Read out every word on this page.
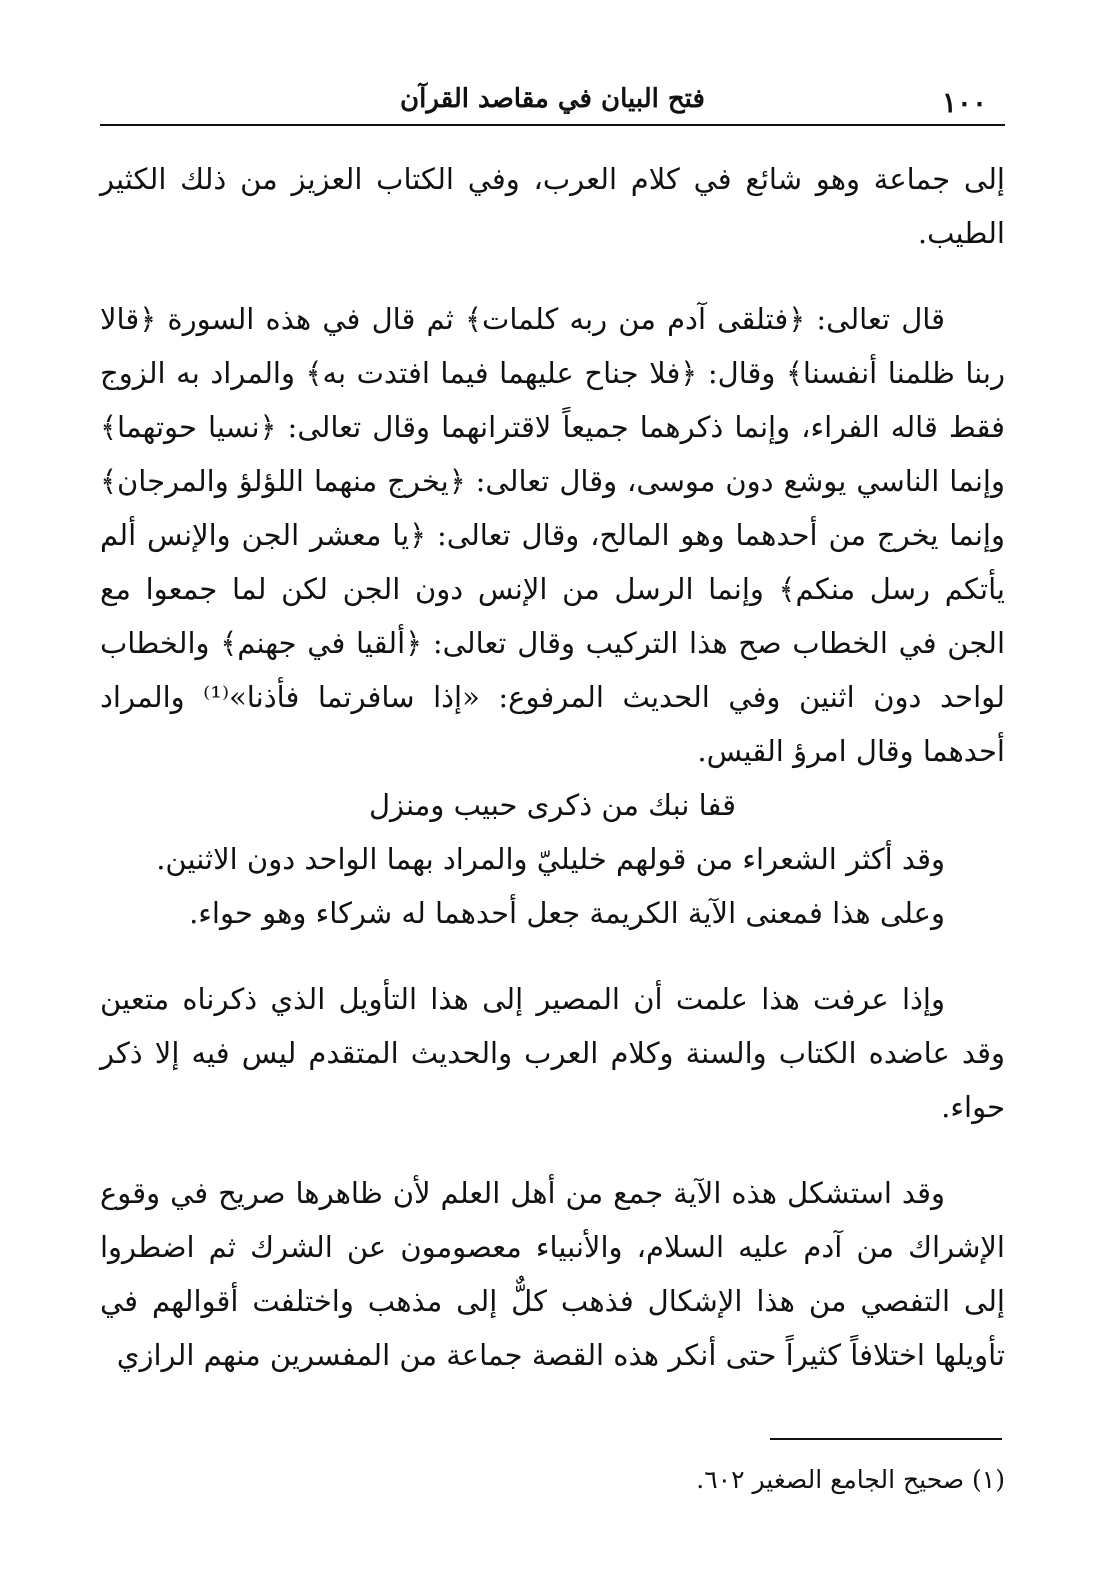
١٠٠
فتح البيان في مقاصد القرآن

إلى جماعة وهو شائع في كلام العرب، وفي الكتاب العزيز من ذلك الكثير الطيب.

قال تعالى: ﴿فتلقى آدم من ربه كلمات﴾ ثم قال في هذه السورة ﴿قالا ربنا ظلمنا أنفسنا﴾ وقال: ﴿فلا جناح عليهما فيما افتدت به﴾ والمراد به الزوج فقط قاله الفراء، وإنما ذكرهما جميعاً لاقترانهما وقال تعالى: ﴿نسيا حوتهما﴾ وإنما الناسي يوشع دون موسى، وقال تعالى: ﴿يخرج منهما اللؤلؤ والمرجان﴾ وإنما يخرج من أحدهما وهو المالح، وقال تعالى: ﴿يا معشر الجن والإنس ألم يأتكم رسل منكم﴾ وإنما الرسل من الإنس دون الجن لكن لما جمعوا مع الجن في الخطاب صح هذا التركيب وقال تعالى: ﴿ألقيا في جهنم﴾ والخطاب لواحد دون اثنين وفي الحديث المرفوع: «إذا سافرتما فأذنا»⁽¹⁾ والمراد أحدهما وقال امرؤ القيس.

قفا نبك من ذكرى حبيب ومنزل

وقد أكثر الشعراء من قولهم خليليّ والمراد بهما الواحد دون الاثنين.

وعلى هذا فمعنى الآية الكريمة جعل أحدهما له شركاء وهو حواء.

وإذا عرفت هذا علمت أن المصير إلى هذا التأويل الذي ذكرناه متعين وقد عاضده الكتاب والسنة وكلام العرب والحديث المتقدم ليس فيه إلا ذكر حواء.

وقد استشكل هذه الآية جمع من أهل العلم لأن ظاهرها صريح في وقوع الإشراك من آدم عليه السلام، والأنبياء معصومون عن الشرك ثم اضطروا إلى التفصي من هذا الإشكال فذهب كلٌّ إلى مذهب واختلفت أقوالهم في تأويلها اختلافاً كثيراً حتى أنكر هذه القصة جماعة من المفسرين منهم الرازي

(١) صحيح الجامع الصغير ٦٠٢.
